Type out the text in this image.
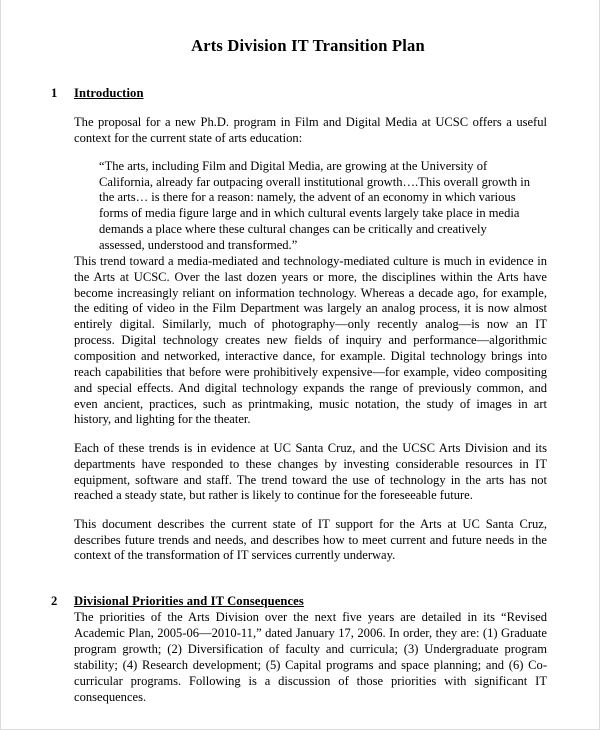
Arts Division IT Transition Plan
1	Introduction

The proposal for a new Ph.D. program in Film and Digital Media at UCSC offers a useful context for the current state of arts education:

“The arts, including Film and Digital Media, are growing at the University of California, already far outpacing overall institutional growth….This overall growth in the arts… is there for a reason: namely, the advent of an economy in which various forms of media figure large and in which cultural events largely take place in media demands a place where these cultural changes can be critically and creatively assessed, understood and transformed.”

This trend toward a media-mediated and technology-mediated culture is much in evidence in the Arts at UCSC. Over the last dozen years or more, the disciplines within the Arts have become increasingly reliant on information technology. Whereas a decade ago, for example, the editing of video in the Film Department was largely an analog process, it is now almost entirely digital. Similarly, much of photography—only recently analog—is now an IT process. Digital technology creates new fields of inquiry and performance—algorithmic composition and networked, interactive dance, for example. Digital technology brings into reach capabilities that before were prohibitively expensive—for example, video compositing and special effects. And digital technology expands the range of previously common, and even ancient, practices, such as printmaking, music notation, the study of images in art history, and lighting for the theater.

Each of these trends is in evidence at UC Santa Cruz, and the UCSC Arts Division and its departments have responded to these changes by investing considerable resources in IT equipment, software and staff. The trend toward the use of technology in the arts has not reached a steady state, but rather is likely to continue for the foreseeable future.

This document describes the current state of IT support for the Arts at UC Santa Cruz, describes future trends and needs, and describes how to meet current and future needs in the context of the transformation of IT services currently underway.

2	Divisional Priorities and IT Consequences

The priorities of the Arts Division over the next five years are detailed in its “Revised Academic Plan, 2005-06—2010-11,” dated January 17, 2006. In order, they are: (1) Graduate program growth; (2) Diversification of faculty and curricula; (3) Undergraduate program stability; (4) Research development; (5) Capital programs and space planning; and (6) Co-curricular programs. Following is a discussion of those priorities with significant IT consequences.
